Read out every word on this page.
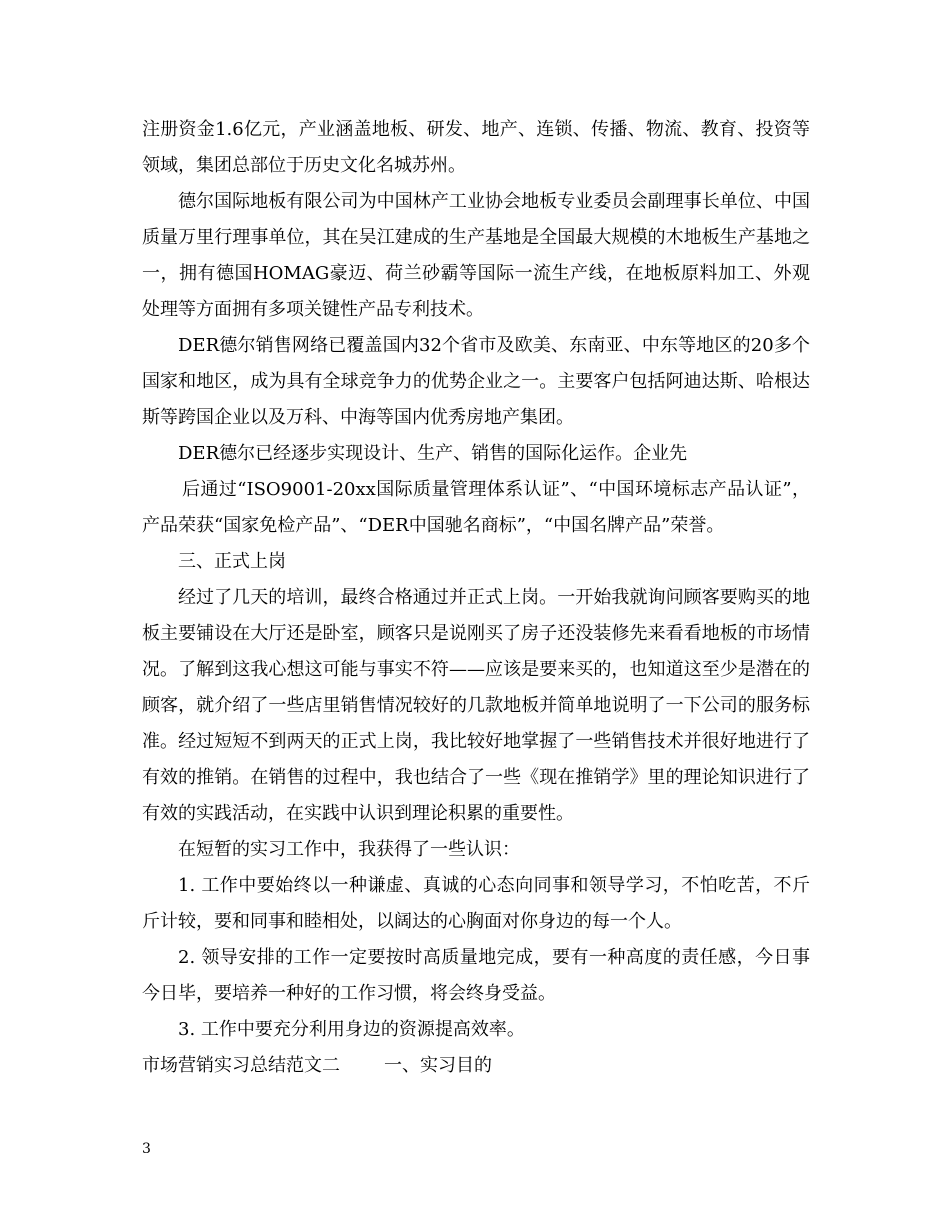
注册资金1.6亿元，产业涵盖地板、研发、地产、连锁、传播、物流、教育、投资等领域，集团总部位于历史文化名城苏州。

德尔国际地板有限公司为中国林产工业协会地板专业委员会副理事长单位、中国质量万里行理事单位，其在吴江建成的生产基地是全国最大规模的木地板生产基地之一，拥有德国HOMAG豪迈、荷兰砂霸等国际一流生产线，在地板原料加工、外观处理等方面拥有多项关键性产品专利技术。

DER德尔销售网络已覆盖国内32个省市及欧美、东南亚、中东等地区的20多个国家和地区，成为具有全球竞争力的优势企业之一。主要客户包括阿迪达斯、哈根达斯等跨国企业以及万科、中海等国内优秀房地产集团。

DER德尔已经逐步实现设计、生产、销售的国际化运作。企业先

后通过“ISO9001-20xx国际质量管理体系认证”、“中国环境标志产品认证”，产品荣获“国家免检产品”、“DER中国驰名商标”，“中国名牌产品”荣誉。

三、正式上岗

经过了几天的培训，最终合格通过并正式上岗。一开始我就询问顾客要购买的地板主要铺设在大厅还是卧室，顾客只是说刚买了房子还没装修先来看看地板的市场情况。了解到这我心想这可能与事实不符——应该是要来买的，也知道这至少是潜在的顾客，就介绍了一些店里销售情况较好的几款地板并简单地说明了一下公司的服务标准。经过短短不到两天的正式上岗，我比较好地掌握了一些销售技术并很好地进行了有效的推销。在销售的过程中，我也结合了一些《现在推销学》里的理论知识进行了有效的实践活动，在实践中认识到理论积累的重要性。

在短暂的实习工作中，我获得了一些认识：

1. 工作中要始终以一种谦虚、真诚的心态向同事和领导学习，不怕吃苦，不斤斤计较，要和同事和睦相处，以阔达的心胸面对你身边的每一个人。

2. 领导安排的工作一定要按时高质量地完成，要有一种高度的责任感，今日事今日毕，要培养一种好的工作习惯，将会终身受益。

3. 工作中要充分利用身边的资源提高效率。

市场营销实习总结范文二 一、实习目的

3
